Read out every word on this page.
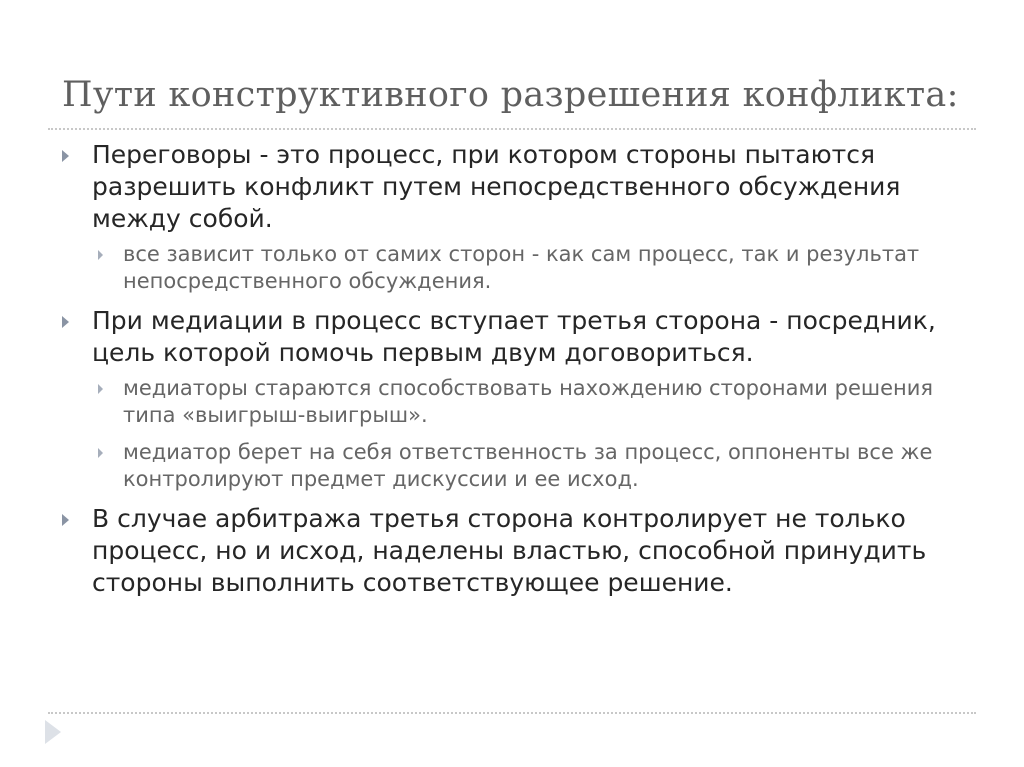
Пути конструктивного разрешения конфликта:
Переговоры - это процесс, при котором стороны пытаются разрешить конфликт путем непосредственного обсуждения между собой.
все зависит только от самих сторон - как сам процесс, так и результат непосредственного обсуждения.
При медиации в процесс вступает третья сторона - посредник, цель которой помочь первым двум договориться.
медиаторы стараются способствовать нахождению сторонами решения типа «выигрыш-выигрыш».
медиатор берет на себя ответственность за процесс, оппоненты все же контролируют предмет дискуссии и ее исход.
В случае арбитража третья сторона контролирует не только процесс, но и исход, наделены властью, способной принудить стороны выполнить соответствующее решение.
